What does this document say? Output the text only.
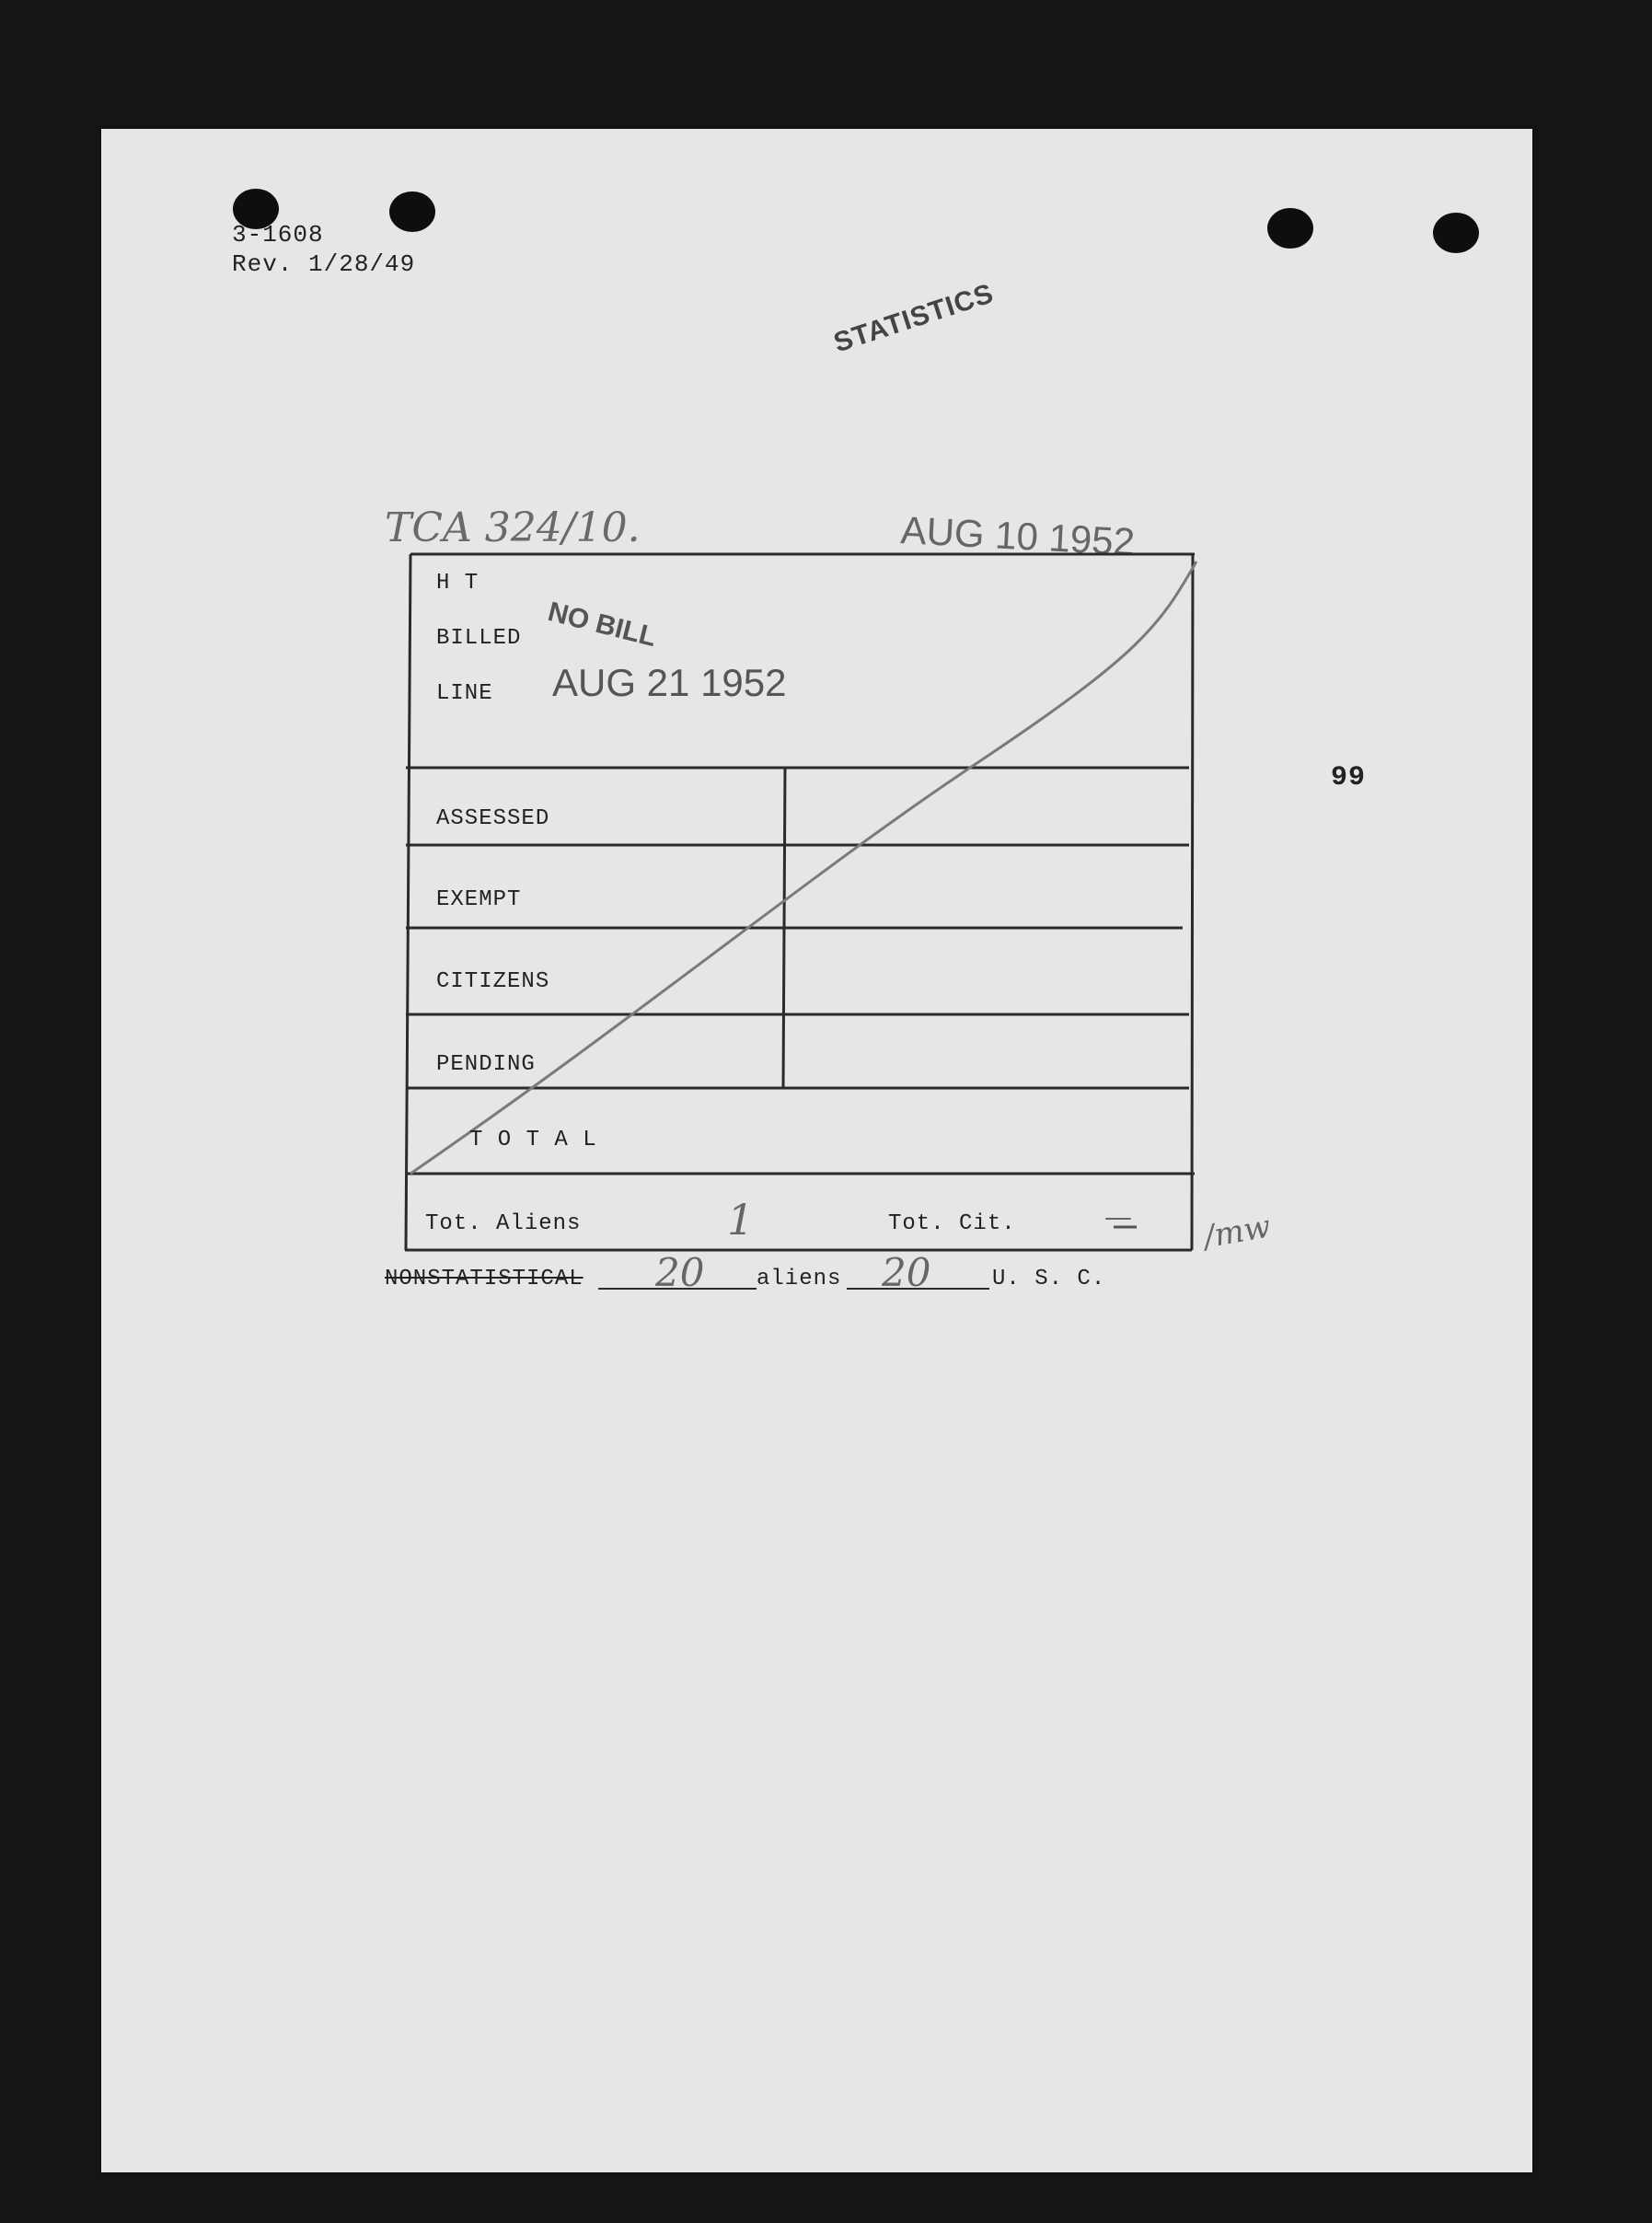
3-1608
Rev. 1/28/49
STATISTICS
TCA 324/10.	AUG 10 1952
H T
BILLED
LINE
NO BILL
AUG 21 1952
ASSESSED
EXEMPT
CITIZENS
PENDING
T O T A L
Tot. Aliens	1	Tot. Cit.	— /mw
99
NONSTATISTICAL 20 aliens 20	U. S. C.
